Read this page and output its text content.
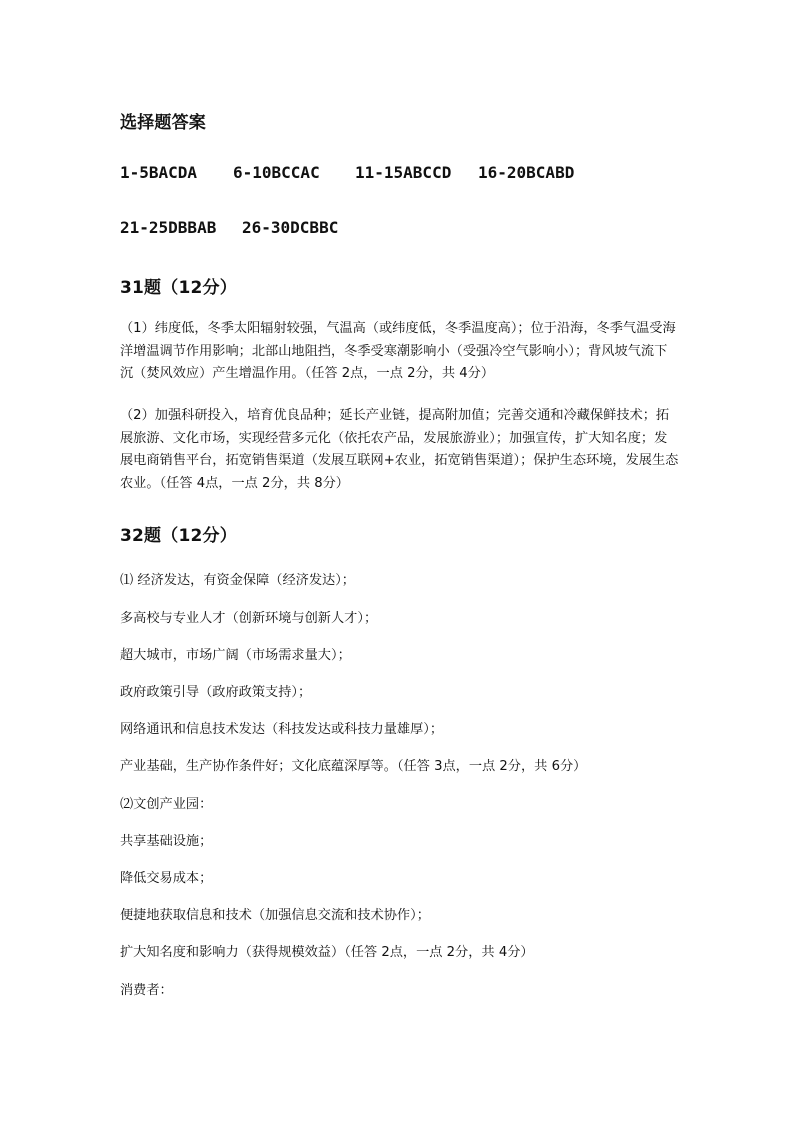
选择题答案
1-5BACDA 6-10BCCAC 11-15ABCCD 16-20BCABD
21-25DBBAB 26-30DCBBC
31题（12分）
（1）纬度低，冬季太阳辐射较强，气温高（或纬度低，冬季温度高）；位于沿海，冬季气温受海洋增温调节作用影响；北部山地阻挡，冬季受寒潮影响小（受强冷空气影响小）；背风坡气流下沉（焚风效应）产生增温作用。（任答 2点，一点 2分，共 4分）
（2）加强科研投入，培育优良品种；延长产业链，提高附加值；完善交通和冷藏保鲜技术；拓展旅游、文化市场，实现经营多元化（依托农产品，发展旅游业）；加强宣传，扩大知名度；发展电商销售平台，拓宽销售渠道（发展互联网+农业，拓宽销售渠道）；保护生态环境，发展生态农业。（任答 4点，一点 2分，共 8分）
32题（12分）
⑴ 经济发达，有资金保障（经济发达）；
多高校与专业人才（创新环境与创新人才）；
超大城市，市场广阔（市场需求量大）；
政府政策引导（政府政策支持）；
网络通讯和信息技术发达（科技发达或科技力量雄厚）；
产业基础，生产协作条件好；文化底蕴深厚等。（任答 3点，一点 2分，共 6分）
⑵文创产业园：
共享基础设施；
降低交易成本；
便捷地获取信息和技术（加强信息交流和技术协作）；
扩大知名度和影响力（获得规模效益）（任答 2点，一点 2分，共 4分）
消费者：
